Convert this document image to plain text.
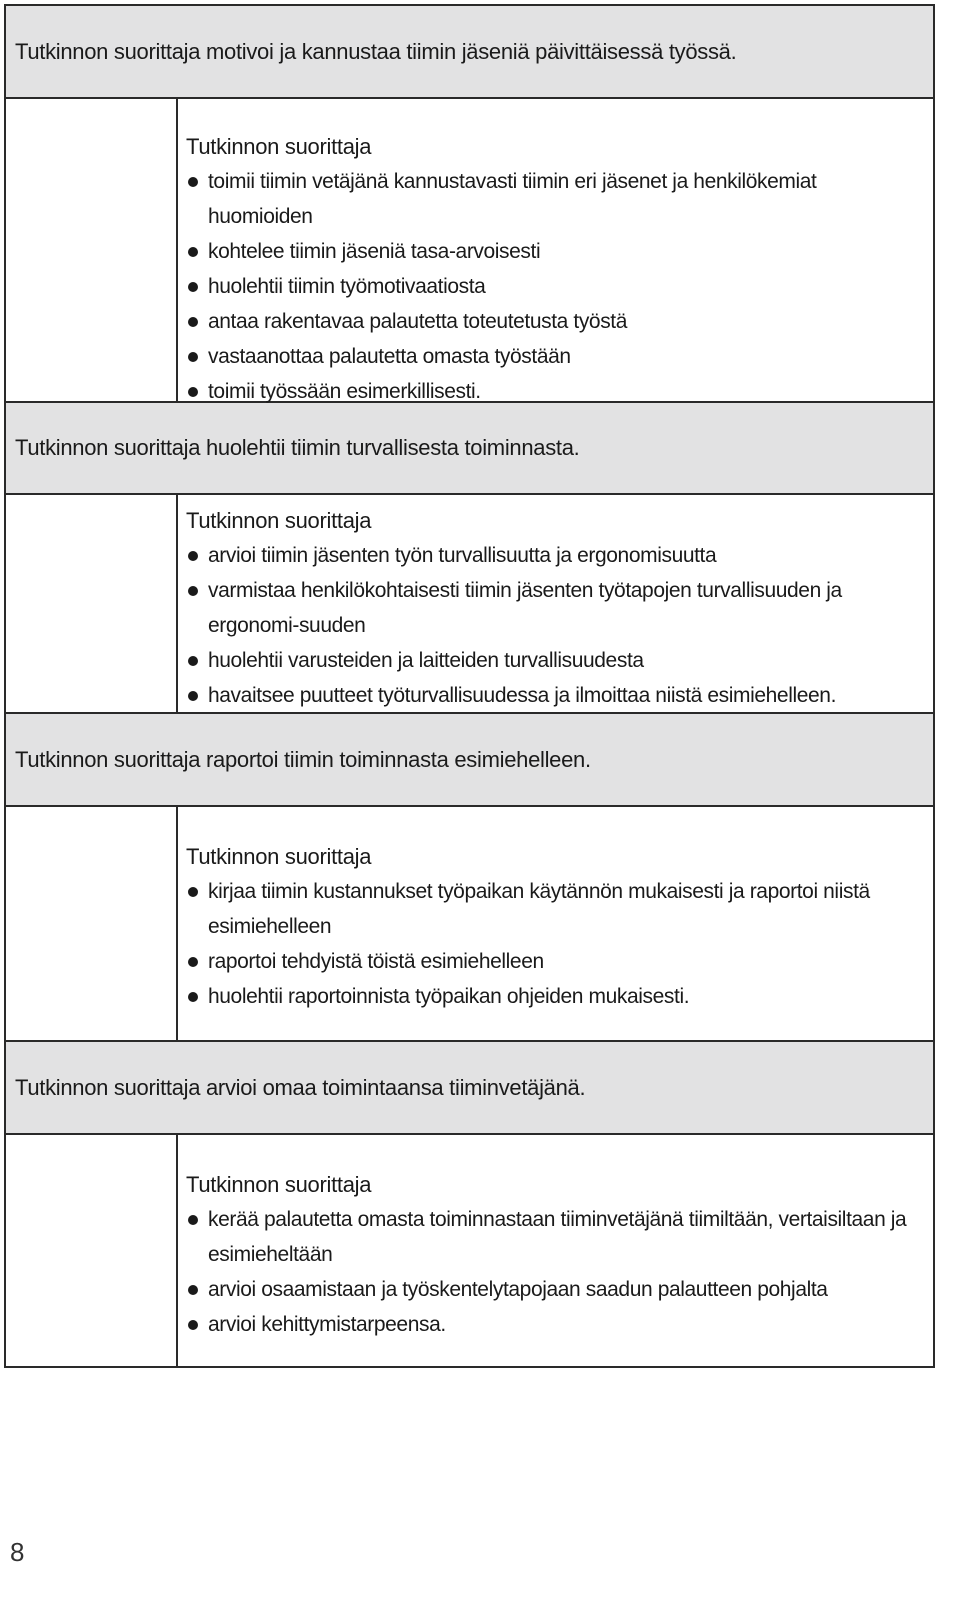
Tutkinnon suorittaja motivoi ja kannustaa tiimin jäseniä päivittäisessä työssä.
Tutkinnon suorittaja
toimii tiimin vetäjänä kannustavasti tiimin eri jäsenet ja henkilökemiat huomioiden
kohtelee tiimin jäseniä tasa-arvoisesti
huolehtii tiimin työmotivaatiosta
antaa rakentavaa palautetta toteutetusta työstä
vastaanottaa palautetta omasta työstään
toimii työssään esimerkillisesti.
Tutkinnon suorittaja huolehtii tiimin turvallisesta toiminnasta.
Tutkinnon suorittaja
arvioi tiimin jäsenten työn turvallisuutta ja ergonomisuutta
varmistaa henkilökohtaisesti tiimin jäsenten työtapojen turvallisuuden ja ergonomi-suuden
huolehtii varusteiden ja laitteiden turvallisuudesta
havaitsee puutteet työturvallisuudessa ja ilmoittaa niistä esimiehelleen.
Tutkinnon suorittaja raportoi tiimin toiminnasta esimiehelleen.
Tutkinnon suorittaja
kirjaa tiimin kustannukset työpaikan käytännön mukaisesti ja raportoi niistä esimiehelleen
raportoi tehdyistä töistä esimiehelleen
huolehtii raportoinnista työpaikan ohjeiden mukaisesti.
Tutkinnon suorittaja arvioi omaa toimintaansa tiiminvetäjänä.
Tutkinnon suorittaja
kerää palautetta omasta toiminnastaan tiiminvetäjänä tiimiltään, vertaisiltaan ja esimieheltään
arvioi osaamistaan ja työskentelytapojaan saadun palautteen pohjalta
arvioi kehittymistarpeensa.
8
